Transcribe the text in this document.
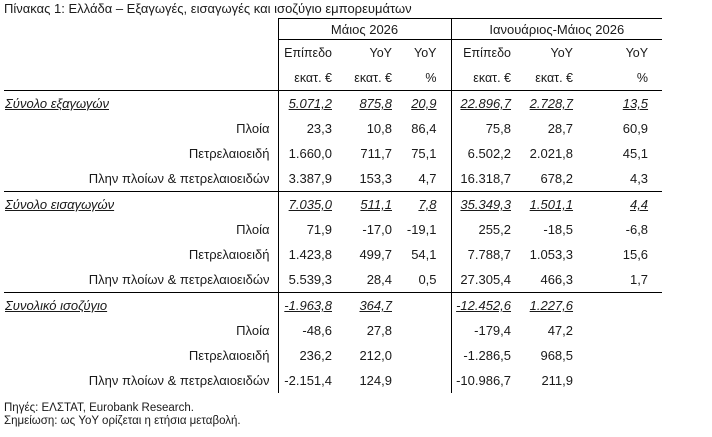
Πίνακας 1: Ελλάδα – Εξαγωγές, εισαγωγές και ισοζύγιο εμπορευμάτων
	Μάιος 2026			Ιανουάριος-Μάιος 2026		
	Επίπεδο	YoY	YoY	Επίπεδο	YoY	YoY
	εκατ. €	εκατ. €	%	εκατ. €	εκατ. €	%
Σύνολο εξαγωγών	5.071,2	875,8	20,9	22.896,7	2.728,7	13,5
Πλοία	23,3	10,8	86,4	75,8	28,7	60,9
Πετρελαιοειδή	1.660,0	711,7	75,1	6.502,2	2.021,8	45,1
Πλην πλοίων & πετρελαιοειδών	3.387,9	153,3	4,7	16.318,7	678,2	4,3
Σύνολο εισαγωγών	7.035,0	511,1	7,8	35.349,3	1.501,1	4,4
Πλοία	71,9	-17,0	-19,1	255,2	-18,5	-6,8
Πετρελαιοειδή	1.423,8	499,7	54,1	7.788,7	1.053,3	15,6
Πλην πλοίων & πετρελαιοειδών	5.539,3	28,4	0,5	27.305,4	466,3	1,7
Συνολικό ισοζύγιο	-1.963,8	364,7		-12.452,6	1.227,6	
Πλοία	-48,6	27,8		-179,4	47,2	
Πετρελαιοειδή	236,2	212,0		-1.286,5	968,5	
Πλην πλοίων & πετρελαιοειδών	-2.151,4	124,9		-10.986,7	211,9	
Πηγές: ΕΛΣΤΑΤ, Eurobank Research.
Σημείωση: ως YoY ορίζεται η ετήσια μεταβολή.
